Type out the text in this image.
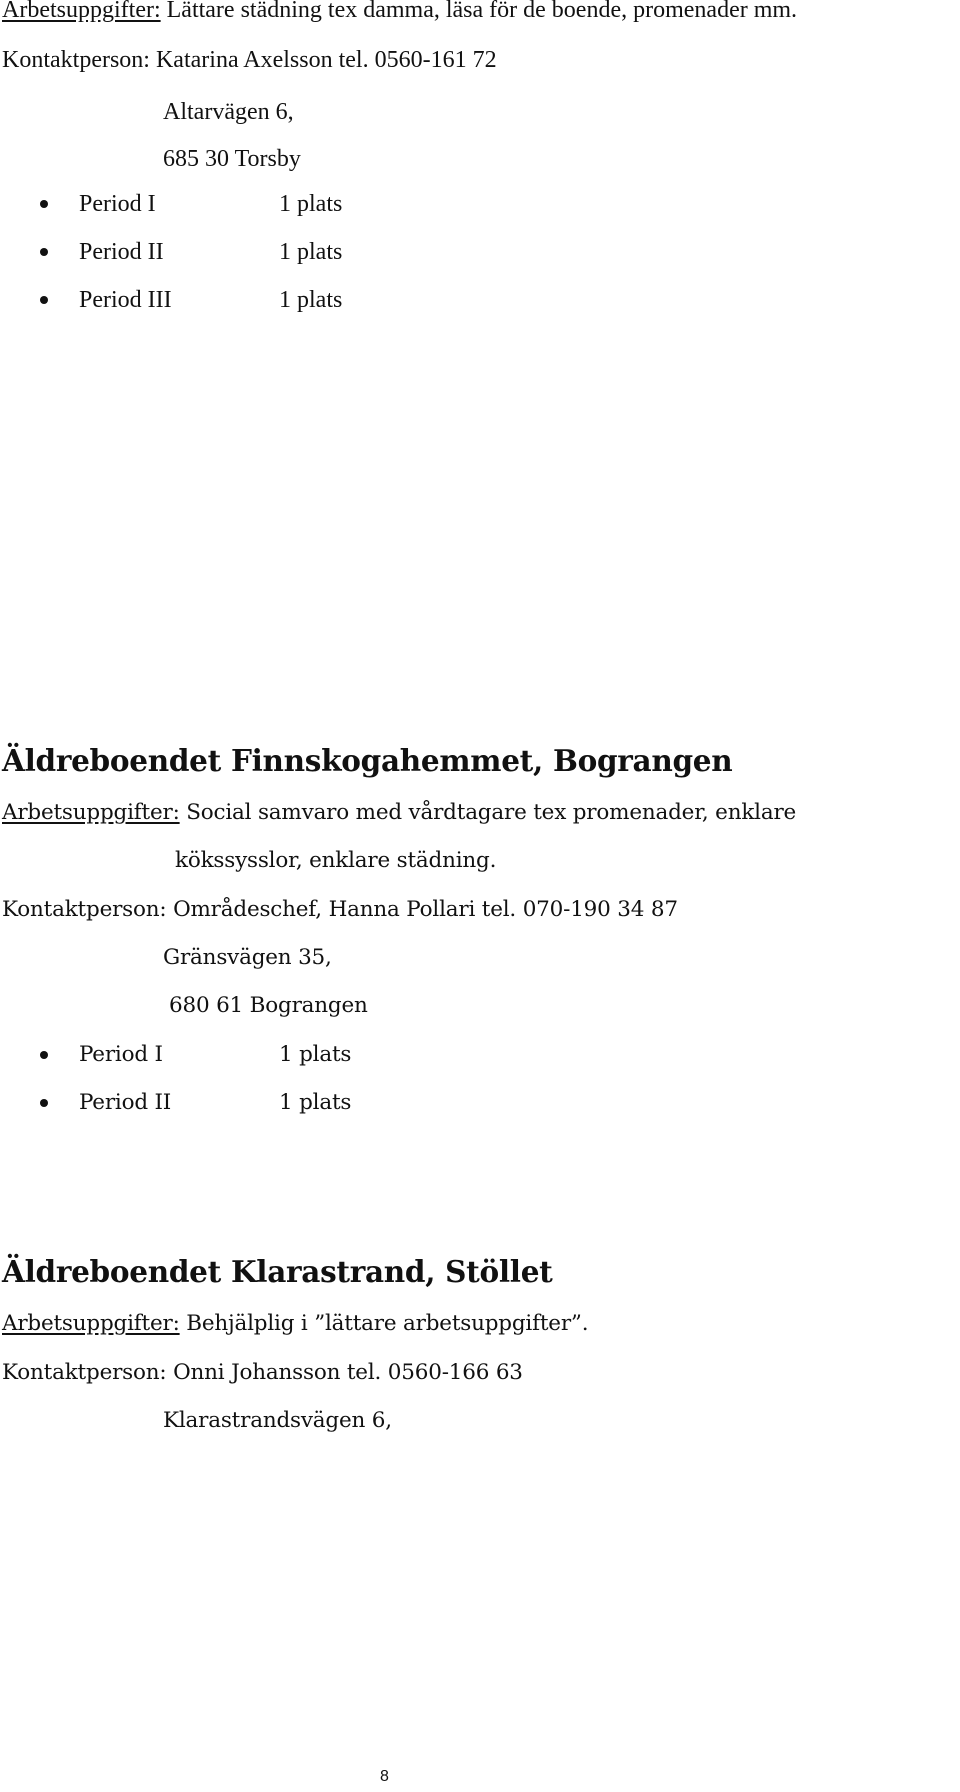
Arbetsuppgifter: Lättare städning tex damma, läsa för de boende, promenader mm.
Kontaktperson: Katarina Axelsson tel. 0560-161 72
Altarvägen 6,
685 30 Torsby
Period I	1 plats
Period II	1 plats
Period III	1 plats
Äldreboendet Finnskogahemmet, Bograngen
Arbetsuppgifter: Social samvaro med vårdtagare tex promenader, enklare
kökssysslor, enklare städning.
Kontaktperson: Områdeschef, Hanna Pollari tel. 070-190 34 87
Gränsvägen 35,
680 61 Bograngen
Period I	1 plats
Period II	1 plats
Äldreboendet Klarastrand, Stöllet
Arbetsuppgifter: Behjälplig i ”lättare arbetsuppgifter”.
Kontaktperson: Onni Johansson tel. 0560-166 63
Klarastrandsvägen 6,
8
